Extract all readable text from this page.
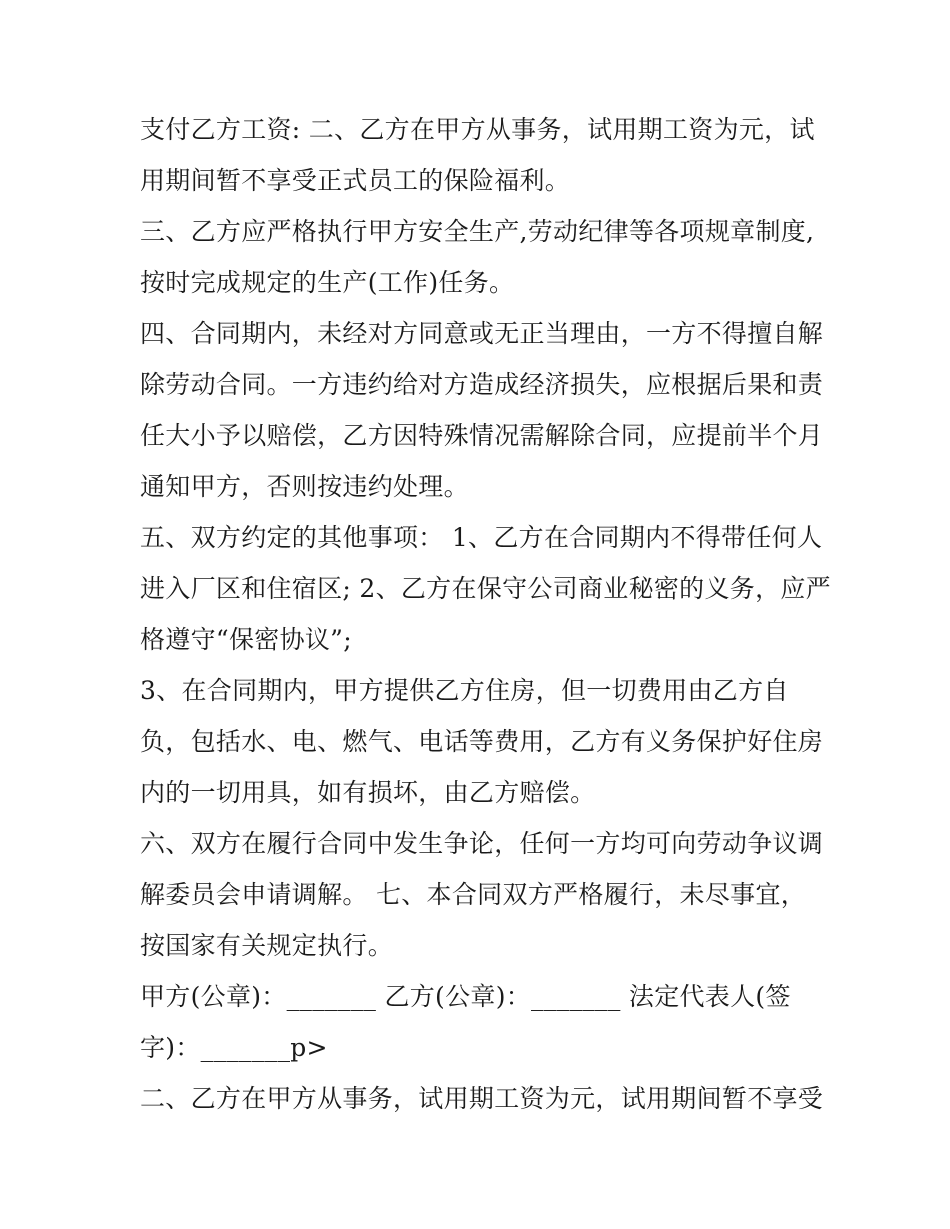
支付乙方工资: 二、乙方在甲方从事务，试用期工资为元，试
用期间暂不享受正式员工的保险福利。
三、乙方应严格执行甲方安全生产,劳动纪律等各项规章制度,
按时完成规定的生产(工作)任务。
四、合同期内，未经对方同意或无正当理由，一方不得擅自解
除劳动合同。一方违约给对方造成经济损失，应根据后果和责
任大小予以赔偿，乙方因特殊情况需解除合同，应提前半个月
通知甲方，否则按违约处理。
五、双方约定的其他事项： 1、乙方在合同期内不得带任何人
进入厂区和住宿区; 2、乙方在保守公司商业秘密的义务，应严
格遵守“保密协议”;
3、在合同期内，甲方提供乙方住房，但一切费用由乙方自
负，包括水、电、燃气、电话等费用，乙方有义务保护好住房
内的一切用具，如有损坏，由乙方赔偿。
六、双方在履行合同中发生争论，任何一方均可向劳动争议调
解委员会申请调解。 七、本合同双方严格履行，未尽事宜，
按国家有关规定执行。
甲方(公章)：_______ 乙方(公章)：_______ 法定代表人(签
字)：_______p>
二、乙方在甲方从事务，试用期工资为元，试用期间暂不享受
